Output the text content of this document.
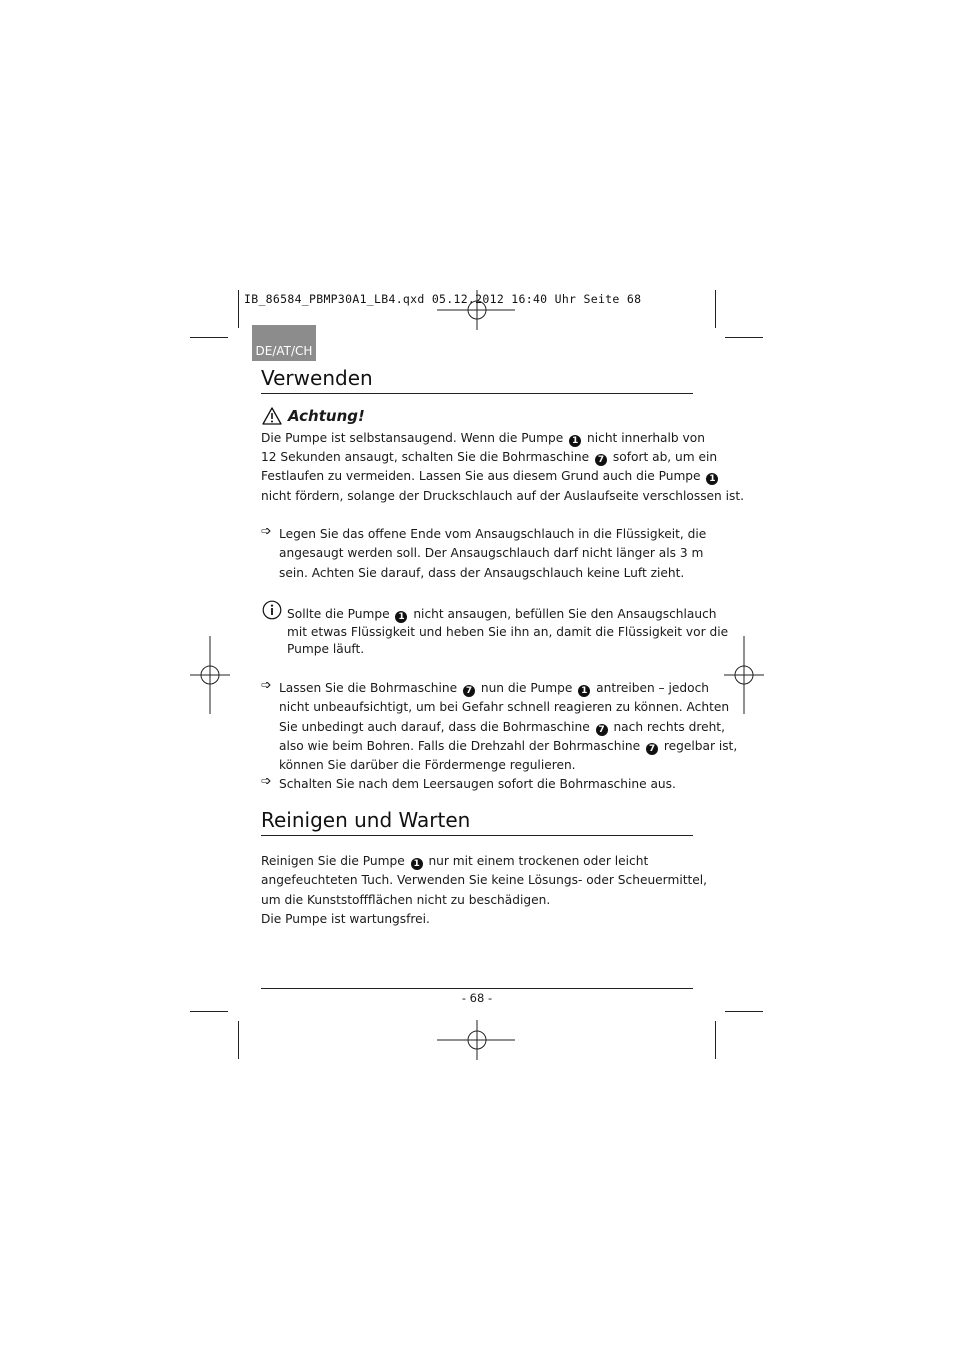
IB_86584_PBMP30A1_LB4.qxd 05.12.2012 16:40 Uhr Seite 68
DE/AT/CH
Verwenden
Achtung!
Die Pumpe ist selbstansaugend. Wenn die Pumpe 1 nicht innerhalb von
12 Sekunden ansaugt, schalten Sie die Bohrmaschine 7 sofort ab, um ein
Festlaufen zu vermeiden. Lassen Sie aus diesem Grund auch die Pumpe 1
nicht fördern, solange der Druckschlauch auf der Auslaufseite verschlossen ist.
➩ Legen Sie das offene Ende vom Ansaugschlauch in die Flüssigkeit, die
angesaugt werden soll. Der Ansaugschlauch darf nicht länger als 3 m
sein. Achten Sie darauf, dass der Ansaugschlauch keine Luft zieht.
Sollte die Pumpe 1 nicht ansaugen, befüllen Sie den Ansaugschlauch
mit etwas Flüssigkeit und heben Sie ihn an, damit die Flüssigkeit vor die
Pumpe läuft.
➩ Lassen Sie die Bohrmaschine 7 nun die Pumpe 1 antreiben – jedoch
nicht unbeaufsichtigt, um bei Gefahr schnell reagieren zu können. Achten
Sie unbedingt auch darauf, dass die Bohrmaschine 7 nach rechts dreht,
also wie beim Bohren. Falls die Drehzahl der Bohrmaschine 7 regelbar ist,
können Sie darüber die Fördermenge regulieren.
➩ Schalten Sie nach dem Leersaugen sofort die Bohrmaschine aus.
Reinigen und Warten
Reinigen Sie die Pumpe 1 nur mit einem trockenen oder leicht
angefeuchteten Tuch. Verwenden Sie keine Lösungs- oder Scheuermittel,
um die Kunststoffflächen nicht zu beschädigen.
Die Pumpe ist wartungsfrei.
- 68 -
